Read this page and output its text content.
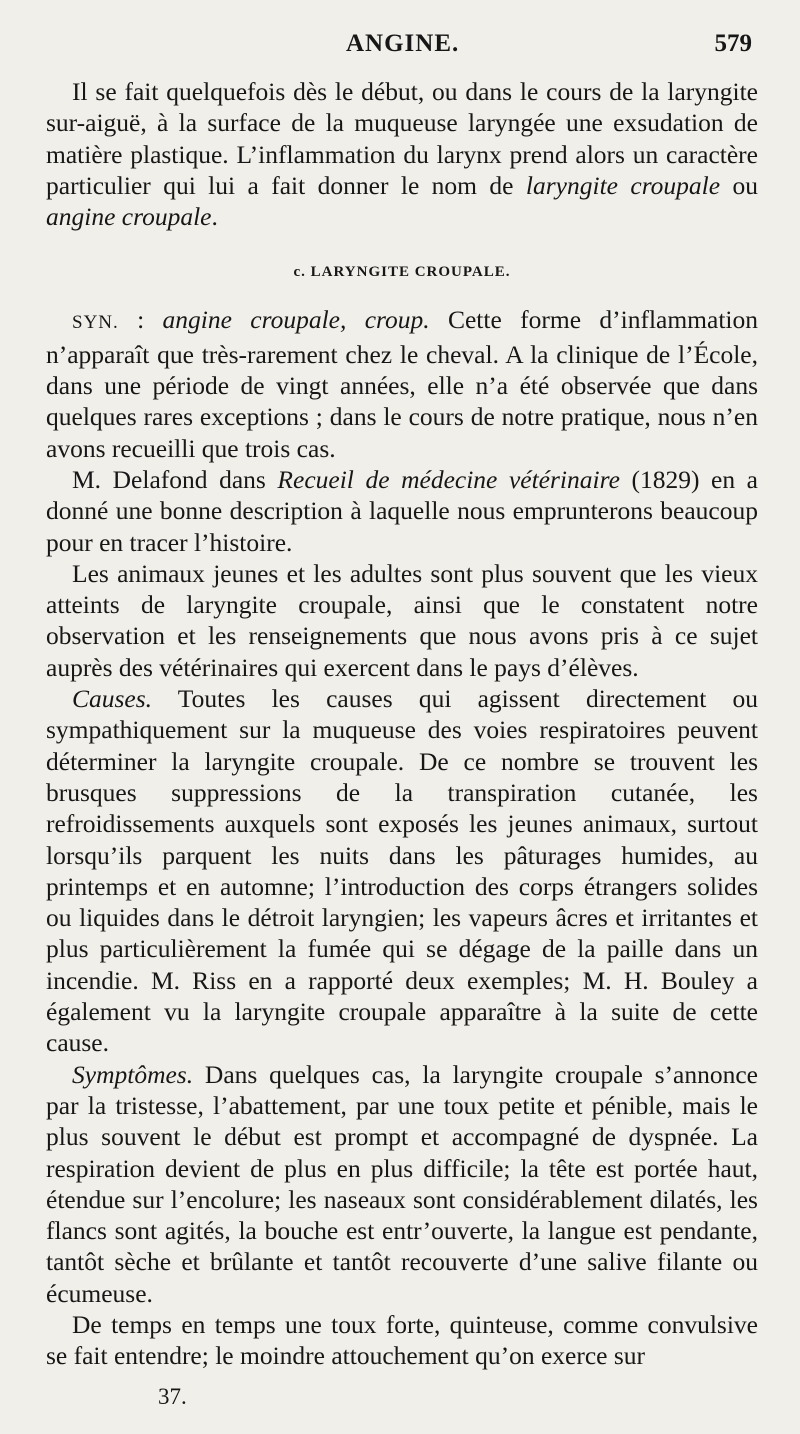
ANGINE.	579

Il se fait quelquefois dès le début, ou dans le cours de la laryngite sur-aiguë, à la surface de la muqueuse laryngée une exsudation de matière plastique. L’inflammation du larynx prend alors un caractère particulier qui lui a fait donner le nom de laryngite croupale ou angine croupale.

c. LARYNGITE CROUPALE.

SYN. : angine croupale, croup. Cette forme d’inflammation n’apparaît que très-rarement chez le cheval. A la clinique de l’École, dans une période de vingt années, elle n’a été observée que dans quelques rares exceptions ; dans le cours de notre pratique, nous n’en avons recueilli que trois cas.

M. Delafond dans Recueil de médecine vétérinaire (1829) en a donné une bonne description à laquelle nous emprunterons beaucoup pour en tracer l’histoire.

Les animaux jeunes et les adultes sont plus souvent que les vieux atteints de laryngite croupale, ainsi que le constatent notre observation et les renseignements que nous avons pris à ce sujet auprès des vétérinaires qui exercent dans le pays d’élèves.

Causes. Toutes les causes qui agissent directement ou sympathiquement sur la muqueuse des voies respiratoires peuvent déterminer la laryngite croupale. De ce nombre se trouvent les brusques suppressions de la transpiration cutanée, les refroidissements auxquels sont exposés les jeunes animaux, surtout lorsqu’ils parquent les nuits dans les pâturages humides, au printemps et en automne; l’introduction des corps étrangers solides ou liquides dans le détroit laryngien; les vapeurs âcres et irritantes et plus particulièrement la fumée qui se dégage de la paille dans un incendie. M. Riss en a rapporté deux exemples; M. H. Bouley a également vu la laryngite croupale apparaître à la suite de cette cause.

Symptômes. Dans quelques cas, la laryngite croupale s’annonce par la tristesse, l’abattement, par une toux petite et pénible, mais le plus souvent le début est prompt et accompagné de dyspnée. La respiration devient de plus en plus difficile; la tête est portée haut, étendue sur l’encolure; les naseaux sont considérablement dilatés, les flancs sont agités, la bouche est entr’ouverte, la langue est pendante, tantôt sèche et brûlante et tantôt recouverte d’une salive filante ou écumeuse.

De temps en temps une toux forte, quinteuse, comme convulsive se fait entendre; le moindre attouchement qu’on exerce sur

37.
